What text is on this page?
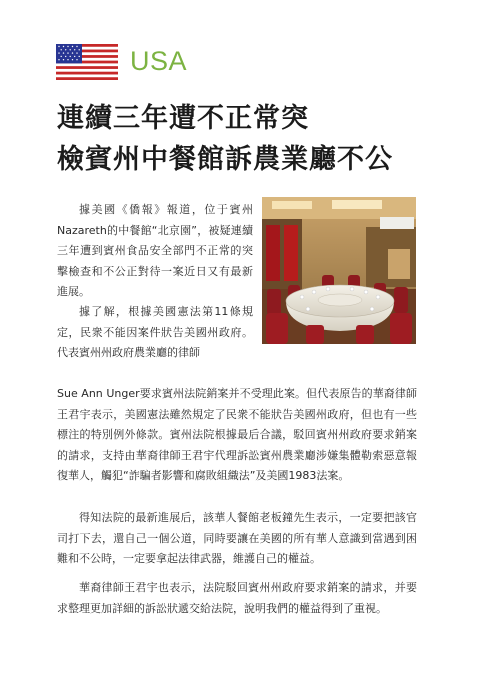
USA
連續三年遭不正常突
檢賓州中餐館訴農業廳不公

據美國《僑報》報道，位于賓州Nazareth的中餐館“北京園”，被疑連續三年遭到賓州食品安全部門不正常的突擊檢查和不公正對待一案近日又有最新進展。

據了解，根據美國憲法第11條規定，民衆不能因案件狀告美國州政府。代表賓州州政府農業廳的律師

Sue Ann Unger要求賓州法院銷案并不受理此案。但代表原告的華裔律師王君宇表示，美國憲法雖然規定了民衆不能狀告美國州政府，但也有一些標注的特別例外條款。賓州法院根據最后合議，駁回賓州州政府要求銷案的請求，支持由華裔律師王君宇代理訴訟賓州農業廳涉嫌集體勒索惡意報復華人，觸犯“詐騙者影響和腐敗組織法”及美國1983法案。

得知法院的最新進展后，該華人餐館老板鐘先生表示，一定要把該官司打下去，還自己一個公道，同時要讓在美國的所有華人意識到當遇到困難和不公時，一定要拿起法律武器，維護自己的權益。

華裔律師王君宇也表示，法院駁回賓州州政府要求銷案的請求，并要求整理更加詳細的訴訟狀遞交給法院，說明我們的權益得到了重視。
